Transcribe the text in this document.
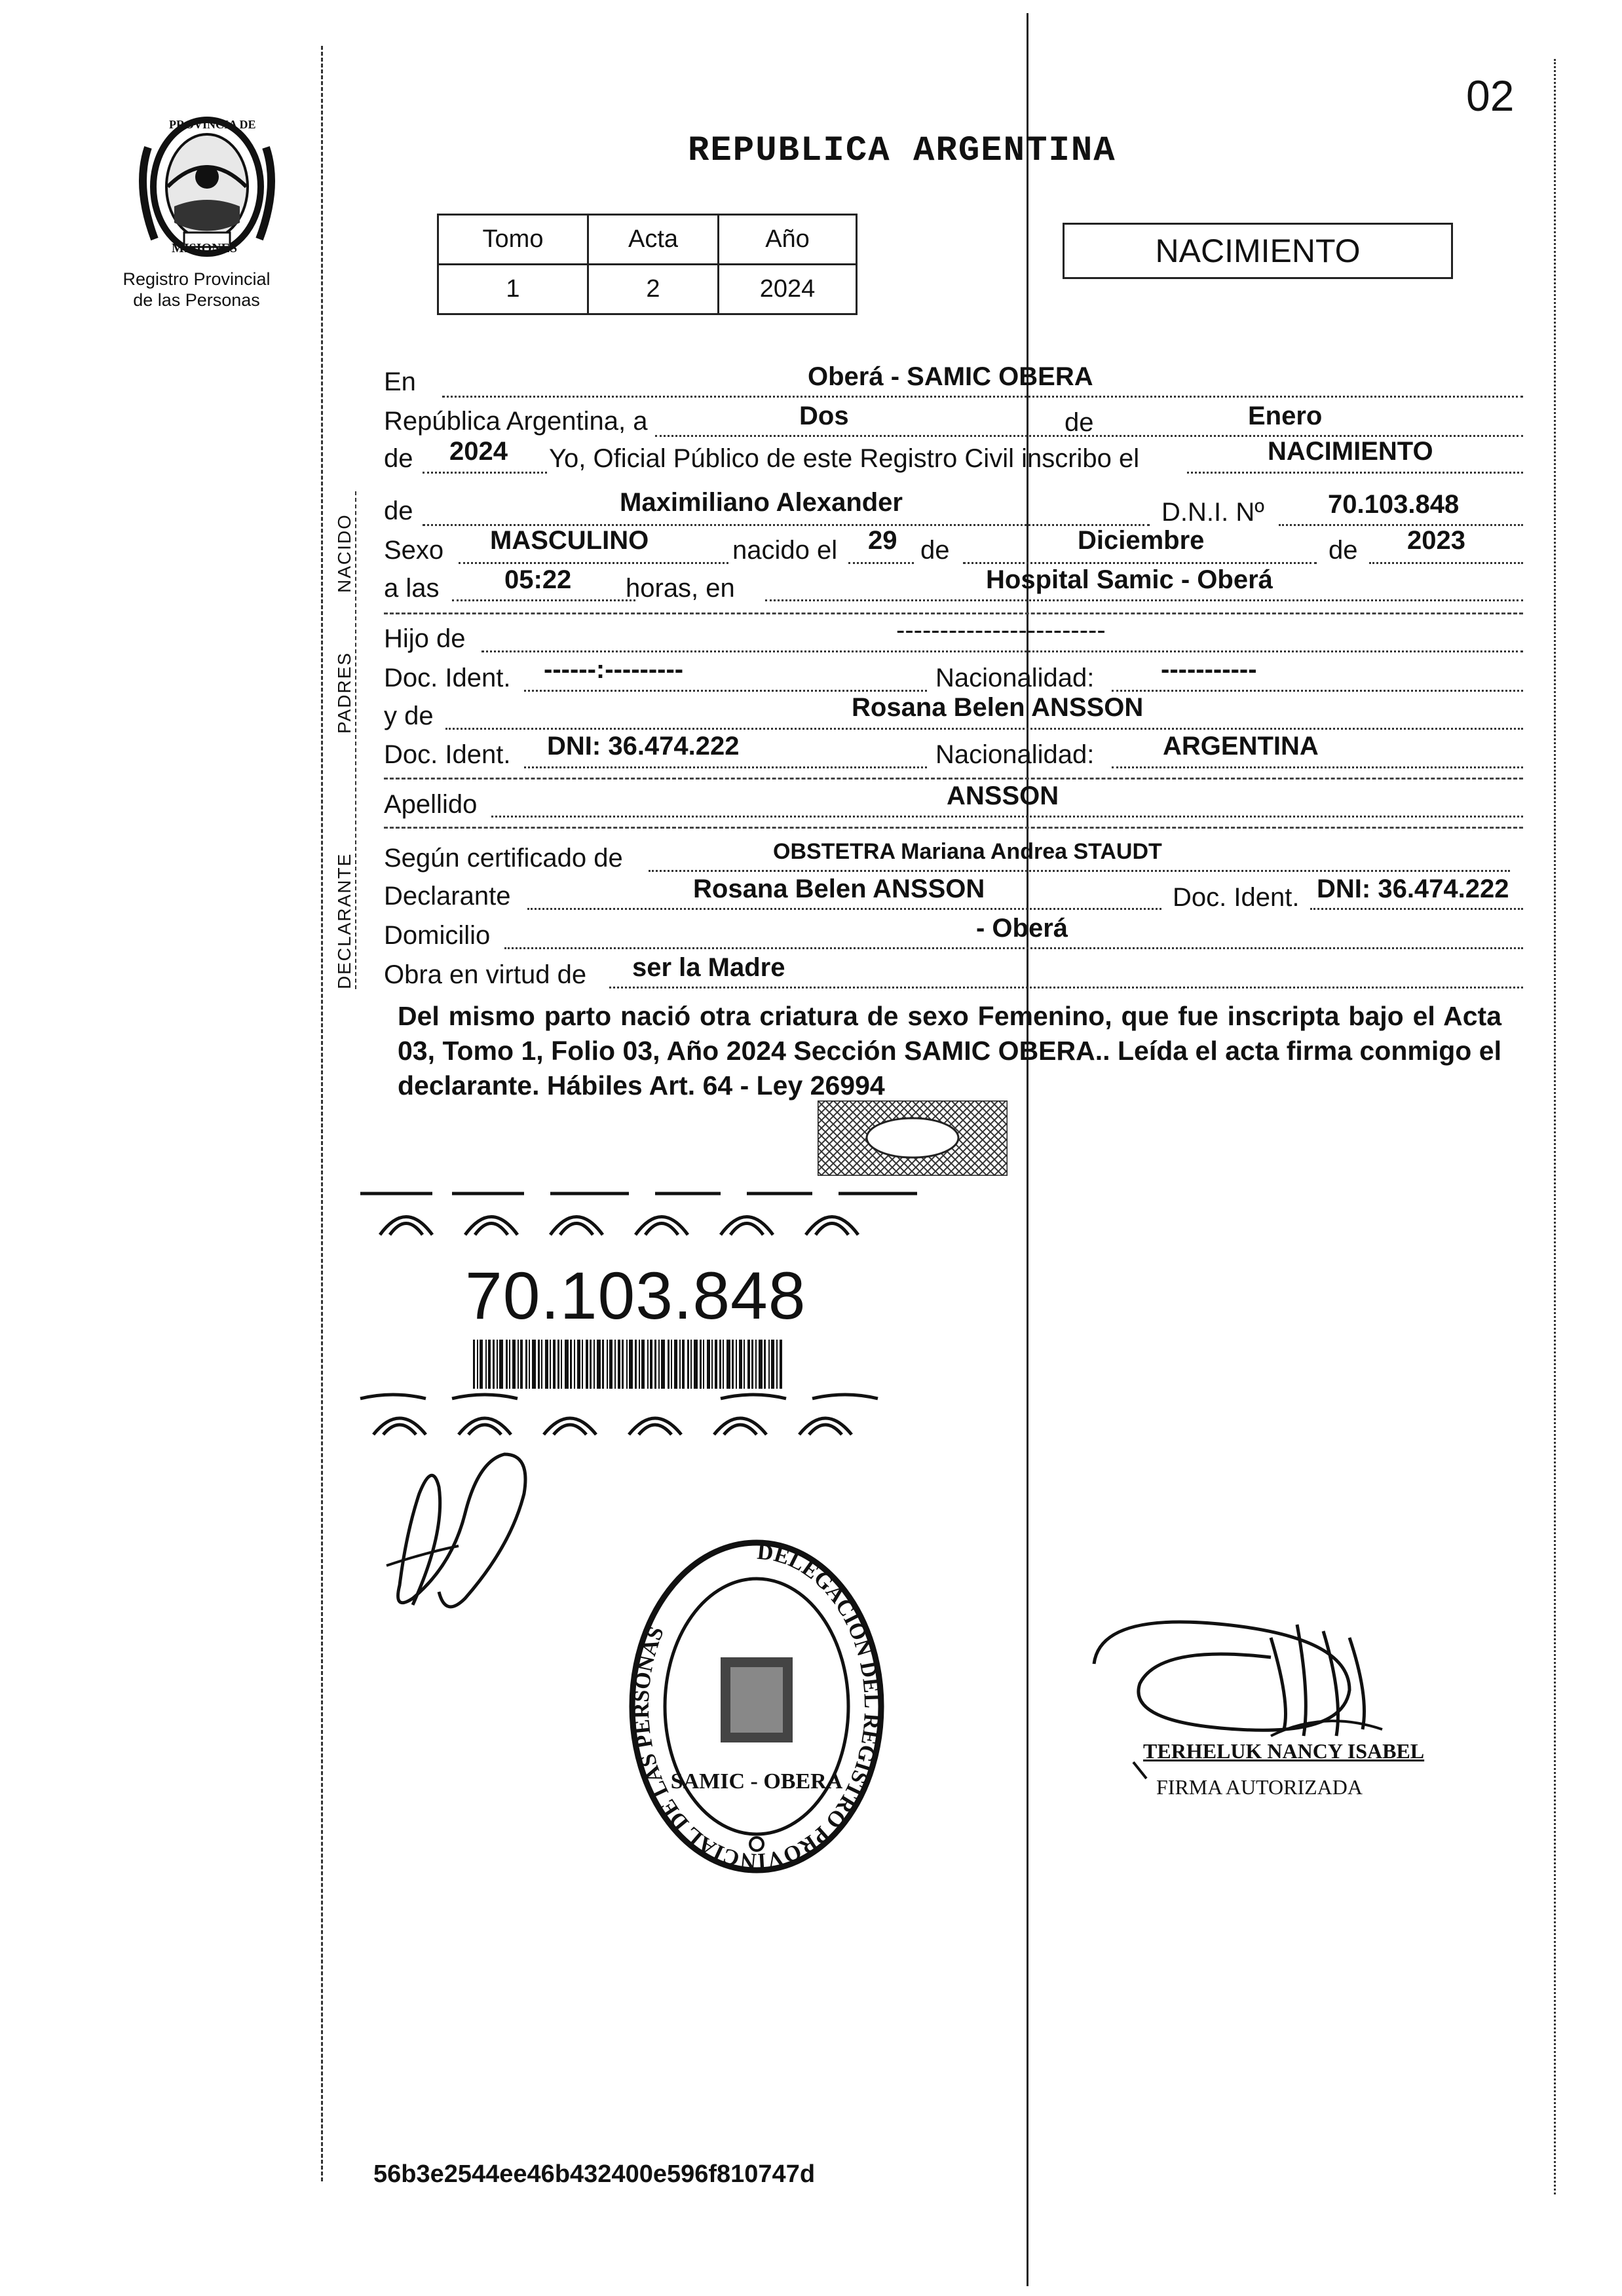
Registro Provincial
de las Personas
PROVINCIA DE
MISIONES
02
REPUBLICA ARGENTINA
Tomo	Acta	Año
1	2	2024
NACIMIENTO
NACIDO
PADRES
DECLARANTE
En	Oberá - SAMIC OBERA
República Argentina, a	Dos	de	Enero
de 2024 Yo, Oficial Público de este Registro Civil inscribo el	NACIMIENTO
de	Maximiliano Alexander	D.N.I. Nº 70.103.848
Sexo MASCULINO	nacido el 29 de	Diciembre	de 2023
a las 05:22 horas, en	Hospital Samic - Oberá
Hijo de	------------------------
Doc. Ident. ------:---------	Nacionalidad:	-----------
y de	Rosana Belen ANSSON
Doc. Ident. DNI: 36.474.222	Nacionalidad:	ARGENTINA
Apellido	ANSSON
Según certificado de	OBSTETRA Mariana Andrea STAUDT
Declarante	Rosana Belen ANSSON	Doc. Ident. DNI: 36.474.222
Domicilio	- Oberá
Obra en virtud de ser la Madre
Del mismo parto nació otra criatura de sexo Femenino, que fue inscripta bajo el Acta 03, Tomo 1, Folio 03, Año 2024 Sección SAMIC OBERA.. Leída el acta firma conmigo el declarante. Hábiles Art. 64 - Ley 26994
70.103.848
DELEGACIÓN DEL REGISTRO PROVINCIAL DE LAS PERSONAS
SAMIC - OBERA
TERHELUK NANCY ISABEL
FIRMA AUTORIZADA
56b3e2544ee46b432400e596f810747d
